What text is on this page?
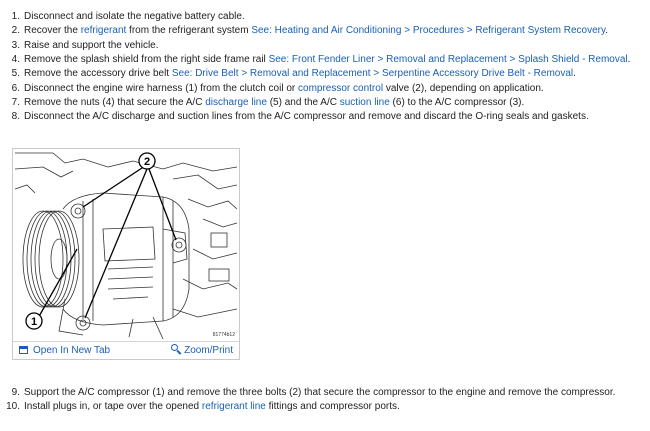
1. Disconnect and isolate the negative battery cable.
2. Recover the refrigerant from the refrigerant system See: Heating and Air Conditioning > Procedures > Refrigerant System Recovery.
3. Raise and support the vehicle.
4. Remove the splash shield from the right side frame rail See: Front Fender Liner > Removal and Replacement > Splash Shield - Removal.
5. Remove the accessory drive belt See: Drive Belt > Removal and Replacement > Serpentine Accessory Drive Belt - Removal.
6. Disconnect the engine wire harness (1) from the clutch coil or compressor control valve (2), depending on application.
7. Remove the nuts (4) that secure the A/C discharge line (5) and the A/C suction line (6) to the A/C compressor (3).
8. Disconnect the A/C discharge and suction lines from the A/C compressor and remove and discard the O-ring seals and gaskets.
2
1
81774b12
Open In New Tab	Zoom/Print
9. Support the A/C compressor (1) and remove the three bolts (2) that secure the compressor to the engine and remove the compressor.
10. Install plugs in, or tape over the opened refrigerant line fittings and compressor ports.
